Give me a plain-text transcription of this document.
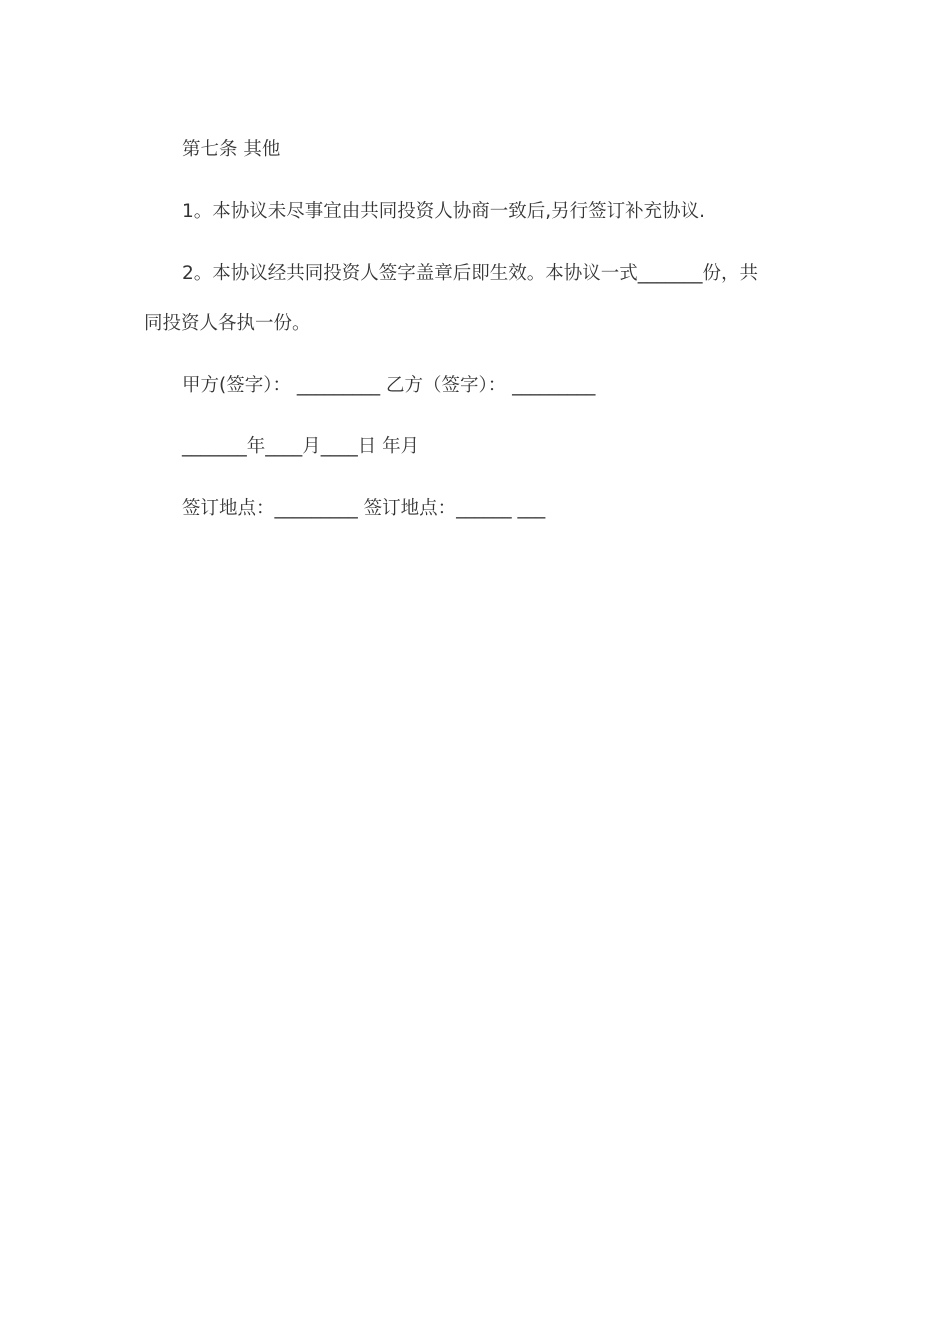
第七条 其他
1。本协议未尽事宜由共同投资人协商一致后,另行签订补充协议.
2。本协议经共同投资人签字盖章后即生效。本协议一式_______份，共
同投资人各执一份。
甲方(签字）： _________ 乙方（签字）： _________
_______年____月____日 年月
签订地点：_________ 签订地点：______ ___
